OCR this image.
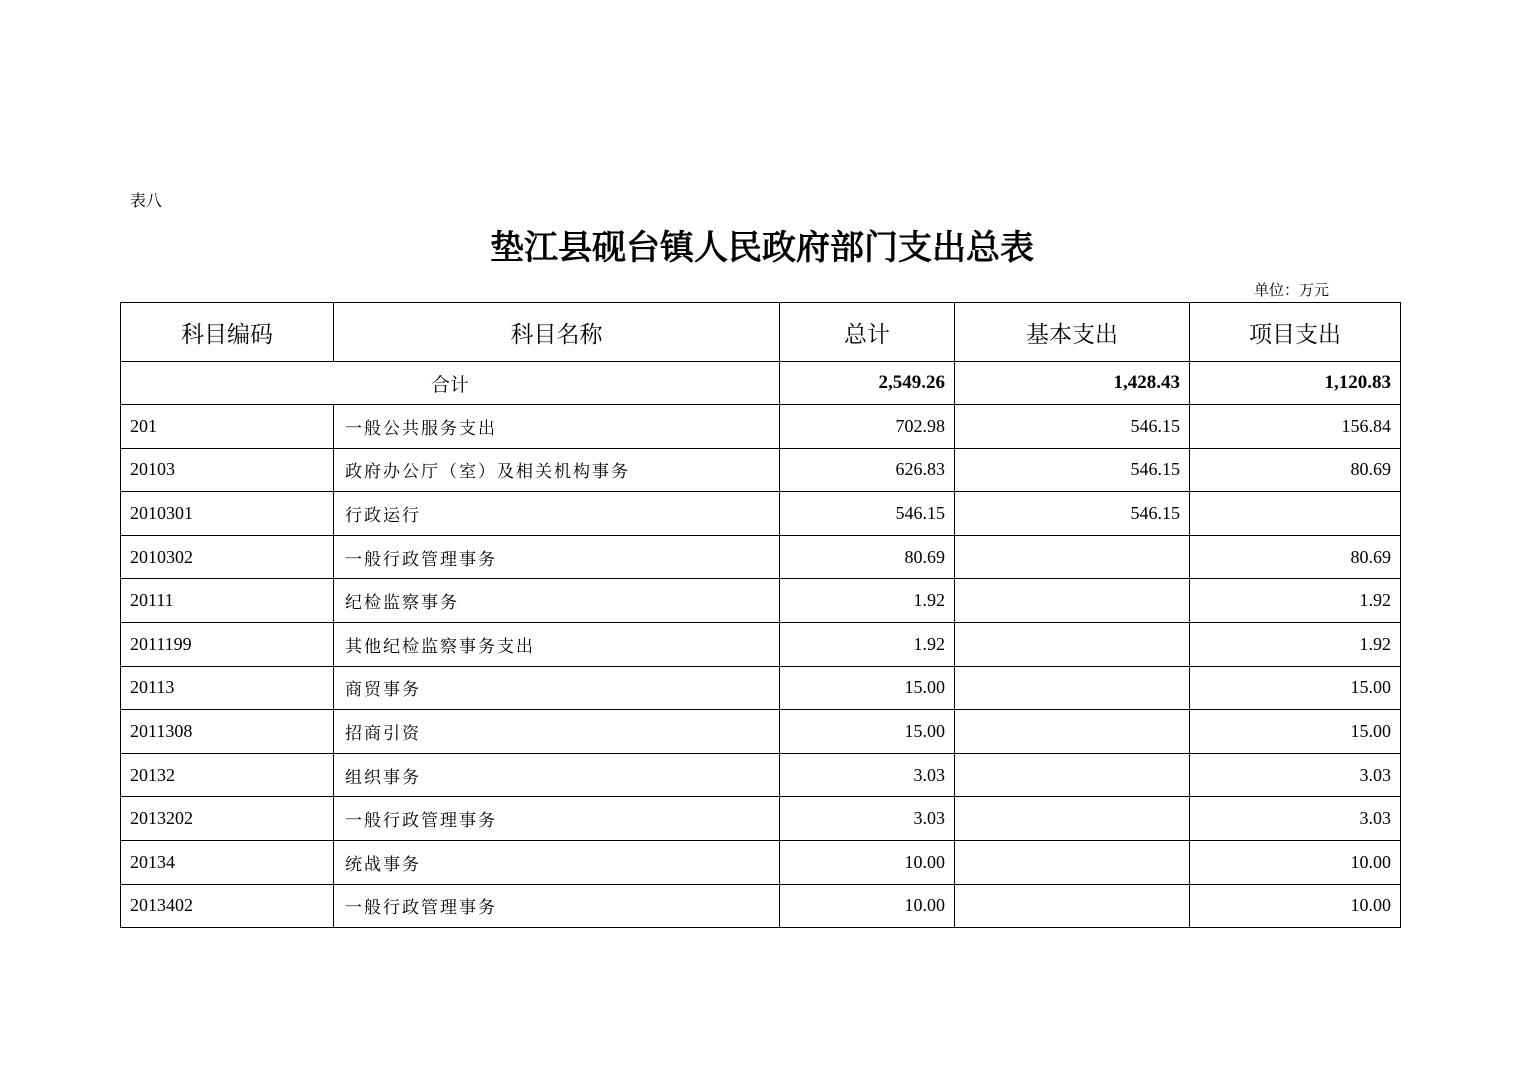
表八
垫江县砚台镇人民政府部门支出总表
单位：万元
科目编码	科目名称	总计	基本支出	项目支出
合计		2,549.26	1,428.43	1,120.83
201	一般公共服务支出	702.98	546.15	156.84
20103	政府办公厅（室）及相关机构事务	626.83	546.15	80.69
2010301	行政运行	546.15	546.15	
2010302	一般行政管理事务	80.69		80.69
20111	纪检监察事务	1.92		1.92
2011199	其他纪检监察事务支出	1.92		1.92
20113	商贸事务	15.00		15.00
2011308	招商引资	15.00		15.00
20132	组织事务	3.03		3.03
2013202	一般行政管理事务	3.03		3.03
20134	统战事务	10.00		10.00
2013402	一般行政管理事务	10.00		10.00
